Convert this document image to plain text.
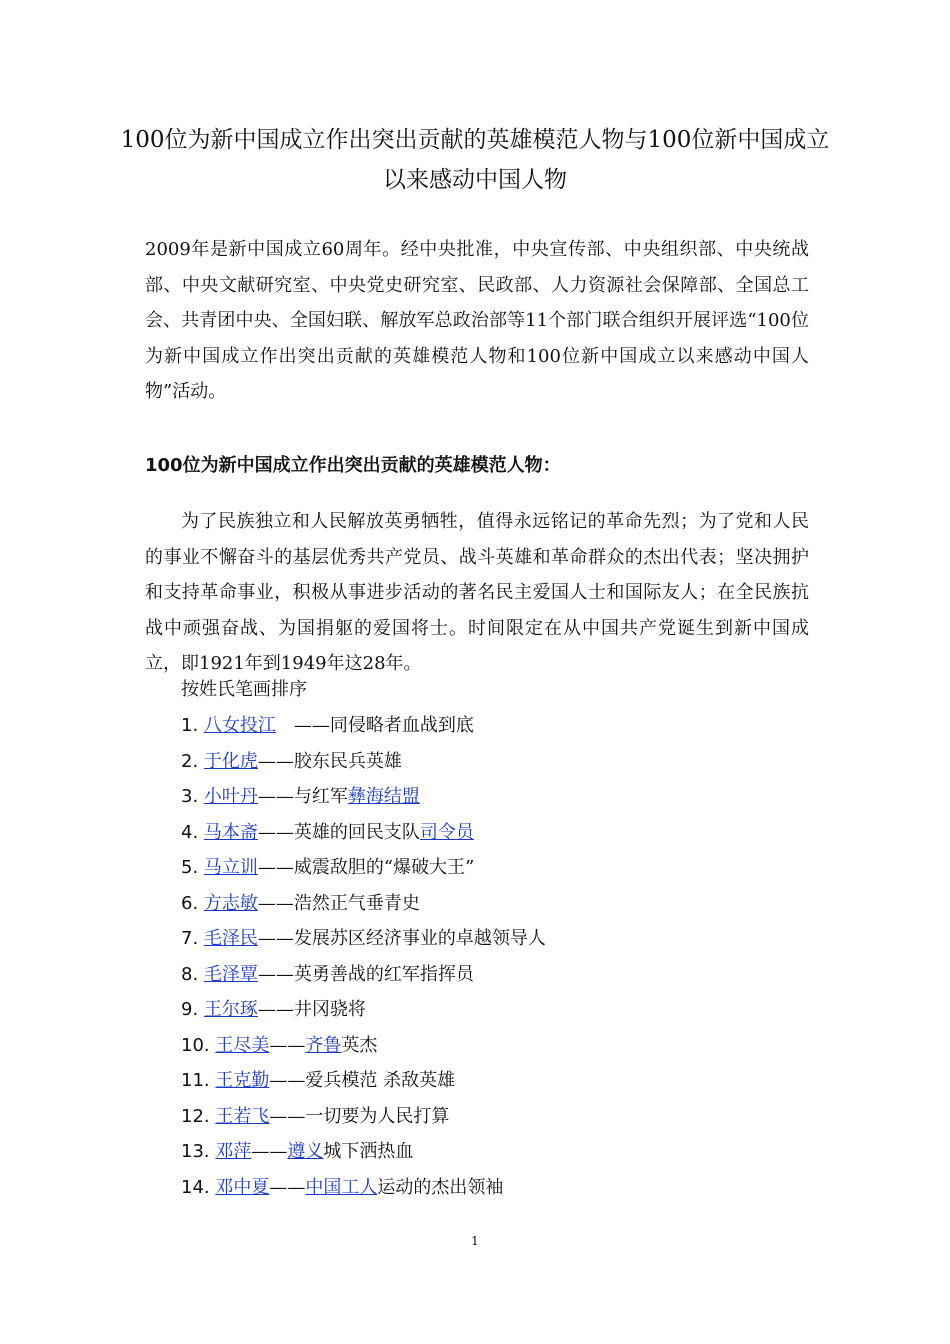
100位为新中国成立作出突出贡献的英雄模范人物与100位新中国成立以来感动中国人物
2009年是新中国成立60周年。经中央批准，中央宣传部、中央组织部、中央统战部、中央文献研究室、中央党史研究室、民政部、人力资源社会保障部、全国总工会、共青团中央、全国妇联、解放军总政治部等11个部门联合组织开展评选“100位为新中国成立作出突出贡献的英雄模范人物和100位新中国成立以来感动中国人物”活动。
100位为新中国成立作出突出贡献的英雄模范人物：
为了民族独立和人民解放英勇牺牲，值得永远铭记的革命先烈；为了党和人民的事业不懈奋斗的基层优秀共产党员、战斗英雄和革命群众的杰出代表；坚决拥护和支持革命事业，积极从事进步活动的著名民主爱国人士和国际友人；在全民族抗战中顽强奋战、为国捐躯的爱国将士。时间限定在从中国共产党诞生到新中国成立，即1921年到1949年这28年。
按姓氏笔画排序
1. 八女投江　——同侵略者血战到底
2. 于化虎——胶东民兵英雄
3. 小叶丹——与红军彝海结盟
4. 马本斋——英雄的回民支队司令员
5. 马立训——威震敌胆的“爆破大王”
6. 方志敏——浩然正气垂青史
7. 毛泽民——发展苏区经济事业的卓越领导人
8. 毛泽覃——英勇善战的红军指挥员
9. 王尔琢——井冈骁将
10. 王尽美——齐鲁英杰
11. 王克勤——爱兵模范 杀敌英雄
12. 王若飞——一切要为人民打算
13. 邓萍——遵义城下洒热血
14. 邓中夏——中国工人运动的杰出领袖
1
